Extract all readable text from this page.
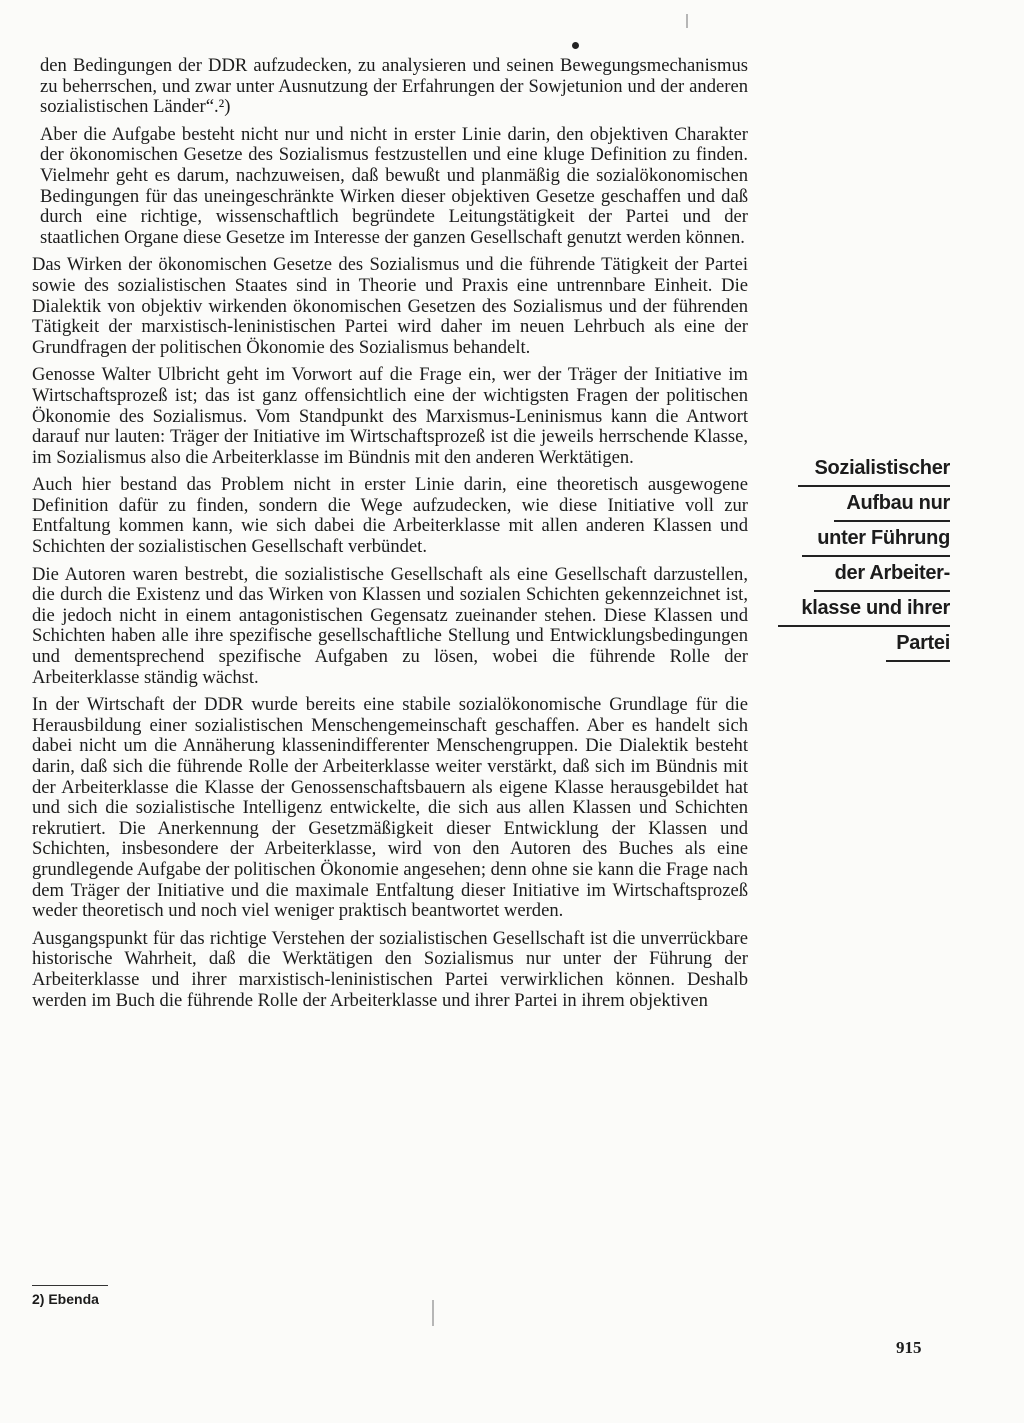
den Bedingungen der DDR aufzudecken, zu analysieren und seinen Bewegungsmechanismus zu beherrschen, und zwar unter Ausnutzung der Erfahrungen der Sowjetunion und der anderen sozialistischen Länder“.²)

Aber die Aufgabe besteht nicht nur und nicht in erster Linie darin, den objektiven Charakter der ökonomischen Gesetze des Sozialismus festzustellen und eine kluge Definition zu finden. Vielmehr geht es darum, nachzuweisen, daß bewußt und planmäßig die sozialökonomischen Bedingungen für das uneingeschränkte Wirken dieser objektiven Gesetze geschaffen und daß durch eine richtige, wissenschaftlich begründete Leitungstätigkeit der Partei und der staatlichen Organe diese Gesetze im Interesse der ganzen Gesellschaft genutzt werden können.

Das Wirken der ökonomischen Gesetze des Sozialismus und die führende Tätigkeit der Partei sowie des sozialistischen Staates sind in Theorie und Praxis eine untrennbare Einheit. Die Dialektik von objektiv wirkenden ökonomischen Gesetzen des Sozialismus und der führenden Tätigkeit der marxistisch-leninistischen Partei wird daher im neuen Lehrbuch als eine der Grundfragen der politischen Ökonomie des Sozialismus behandelt.

Genosse Walter Ulbricht geht im Vorwort auf die Frage ein, wer der Träger der Initiative im Wirtschaftsprozeß ist; das ist ganz offensichtlich eine der wichtigsten Fragen der politischen Ökonomie des Sozialismus. Vom Standpunkt des Marxismus-Leninismus kann die Antwort darauf nur lauten: Träger der Initiative im Wirtschaftsprozeß ist die jeweils herrschende Klasse, im Sozialismus also die Arbeiterklasse im Bündnis mit den anderen Werktätigen.

Auch hier bestand das Problem nicht in erster Linie darin, eine theoretisch ausgewogene Definition dafür zu finden, sondern die Wege aufzudecken, wie diese Initiative voll zur Entfaltung kommen kann, wie sich dabei die Arbeiterklasse mit allen anderen Klassen und Schichten der sozialistischen Gesellschaft verbündet.

Die Autoren waren bestrebt, die sozialistische Gesellschaft als eine Gesellschaft darzustellen, die durch die Existenz und das Wirken von Klassen und sozialen Schichten gekennzeichnet ist, die jedoch nicht in einem antagonistischen Gegensatz zueinander stehen. Diese Klassen und Schichten haben alle ihre spezifische gesellschaftliche Stellung und Entwicklungsbedingungen und dementsprechend spezifische Aufgaben zu lösen, wobei die führende Rolle der Arbeiterklasse ständig wächst.

In der Wirtschaft der DDR wurde bereits eine stabile sozialökonomische Grundlage für die Herausbildung einer sozialistischen Menschengemeinschaft geschaffen. Aber es handelt sich dabei nicht um die Annäherung klassenindifferenter Menschengruppen. Die Dialektik besteht darin, daß sich die führende Rolle der Arbeiterklasse weiter verstärkt, daß sich im Bündnis mit der Arbeiterklasse die Klasse der Genossenschaftsbauern als eigene Klasse herausgebildet hat und sich die sozialistische Intelligenz entwickelte, die sich aus allen Klassen und Schichten rekrutiert. Die Anerkennung der Gesetzmäßigkeit dieser Entwicklung der Klassen und Schichten, insbesondere der Arbeiterklasse, wird von den Autoren des Buches als eine grundlegende Aufgabe der politischen Ökonomie angesehen; denn ohne sie kann die Frage nach dem Träger der Initiative und die maximale Entfaltung dieser Initiative im Wirtschaftsprozeß weder theoretisch und noch viel weniger praktisch beantwortet werden.

Ausgangspunkt für das richtige Verstehen der sozialistischen Gesellschaft ist die unverrückbare historische Wahrheit, daß die Werktätigen den Sozialismus nur unter der Führung der Arbeiterklasse und ihrer marxistisch-leninistischen Partei verwirklichen können. Deshalb werden im Buch die führende Rolle der Arbeiterklasse und ihrer Partei in ihrem objektiven

Sozialistischer
Aufbau nur
unter Führung
der Arbeiter-
klasse und ihrer
Partei
2) Ebenda
915
